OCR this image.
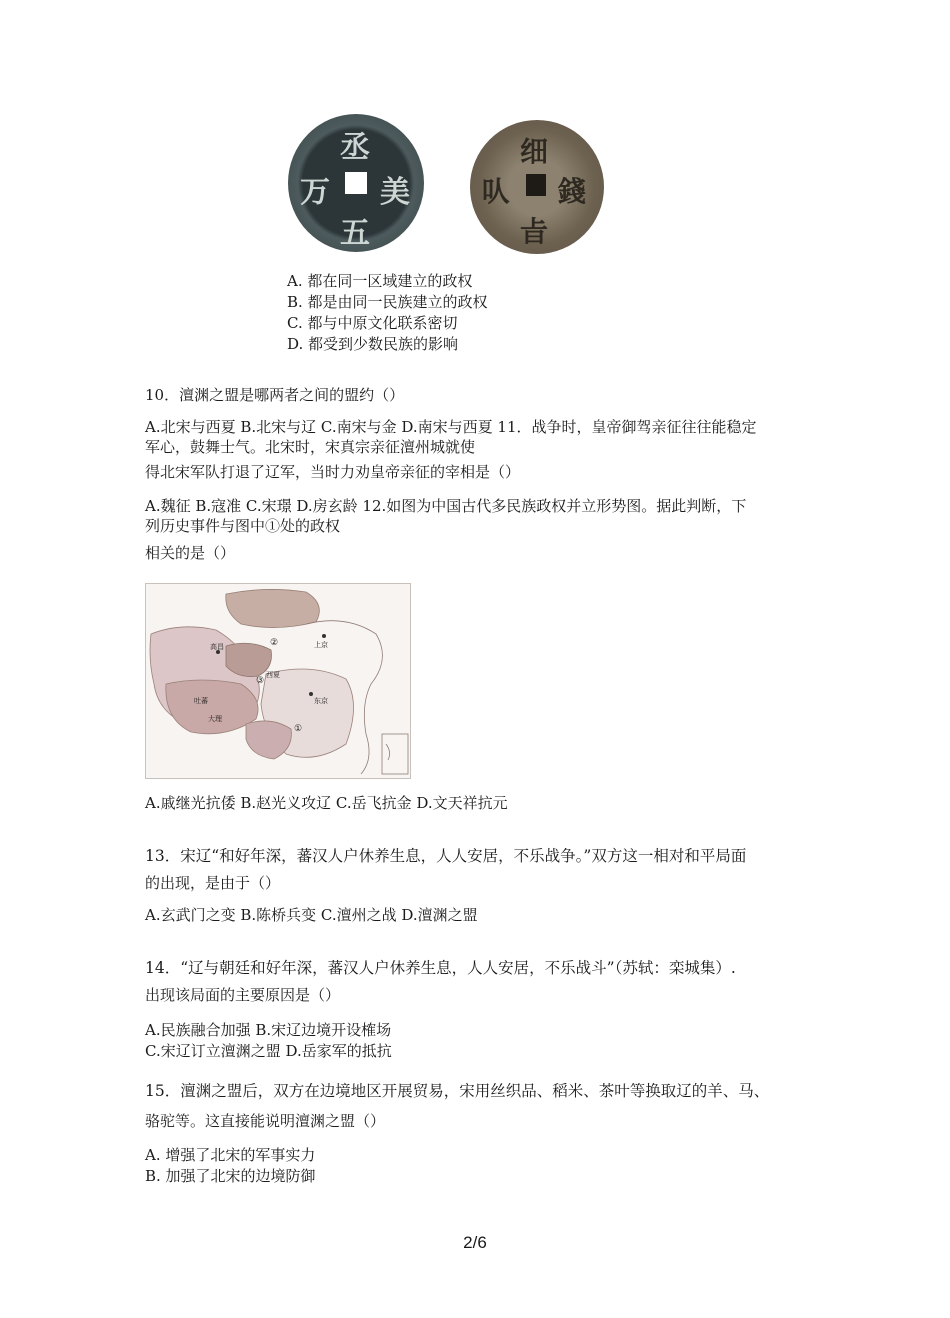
丞
美
五
万
细
錢
㫖
㕥
A. 都在同一区域建立的政权
B. 都是由同一民族建立的政权
C. 都与中原文化联系密切
D. 都受到少数民族的影响
10．澶渊之盟是哪两者之间的盟约（）
A.北宋与西夏 B.北宋与辽 C.南宋与金 D.南宋与西夏 11．战争时，皇帝御驾亲征往往能稳定
军心，鼓舞士气。北宋时，宋真宗亲征澶州城就使
得北宋军队打退了辽军，当时力劝皇帝亲征的宰相是（）
A.魏征 B.寇准 C.宋璟 D.房玄龄 12.如图为中国古代多民族政权并立形势图。据此判断，下
列历史事件与图中①处的政权
相关的是（）
高昌
吐蕃
大理
西夏
东京
上京
①
②
③
A.戚继光抗倭 B.赵光义攻辽 C.岳飞抗金 D.文天祥抗元
13．宋辽“和好年深，蕃汉人户休养生息，人人安居，不乐战争。”双方这一相对和平局面
的出现，是由于（）
A.玄武门之变 B.陈桥兵变 C.澶州之战 D.澶渊之盟
14．“辽与朝廷和好年深，蕃汉人户休养生息，人人安居，不乐战斗”（苏轼：栾城集）.
出现该局面的主要原因是（）
A.民族融合加强 B.宋辽边境开设榷场
C.宋辽订立澶渊之盟 D.岳家军的抵抗
15．澶渊之盟后，双方在边境地区开展贸易，宋用丝织品、稻米、茶叶等换取辽的羊、马、
骆驼等。这直接能说明澶渊之盟（）
A. 增强了北宋的军事实力
B. 加强了北宋的边境防御
2/6
